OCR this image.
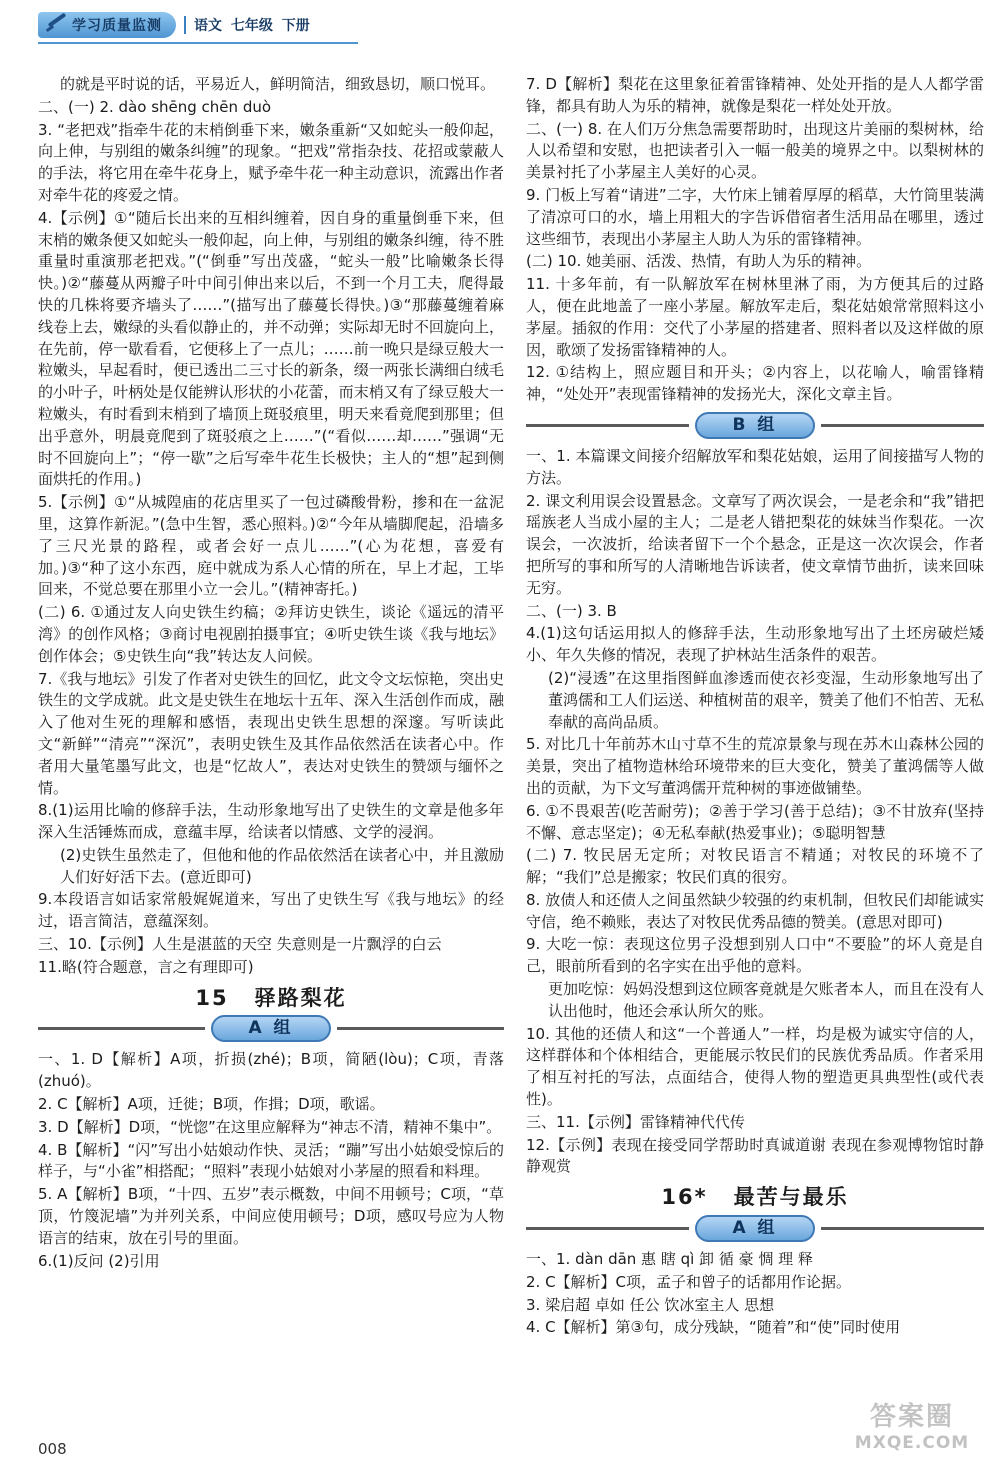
学习质量监测	语文 七年级 下册
的就是平时说的话，平易近人，鲜明简洁，细致恳切，顺口悦耳。
二、(一) 2. dào shēng chēn duò
3. “老把戏”指牵牛花的末梢倒垂下来，嫩条重新“又如蛇头一般仰起，向上伸，与别组的嫩条纠缠”的现象。“把戏”常指杂技、花招或蒙蔽人的手法，将它用在牵牛花身上，赋予牵牛花一种主动意识，流露出作者对牵牛花的疼爱之情。
4.【示例】①“随后长出来的互相纠缠着，因自身的重量倒垂下来，但末梢的嫩条便又如蛇头一般仰起，向上伸，与别组的嫩条纠缠，待不胜重量时重演那老把戏。”(“倒垂”写出茂盛，“蛇头一般”比喻嫩条长得快。)②“藤蔓从两瓣子叶中间引伸出来以后，不到一个月工夫，爬得最快的几株将要齐墙头了……”(描写出了藤蔓长得快。)③“那藤蔓缠着麻线卷上去，嫩绿的头看似静止的，并不动弹；实际却无时不回旋向上，在先前，停一歇看看，它便移上了一点儿；……前一晚只是绿豆般大一粒嫩头，早起看时，便已透出二三寸长的新条，缀一两张长满细白绒毛的小叶子，叶柄处是仅能辨认形状的小花蕾，而末梢又有了绿豆般大一粒嫩头，有时看到末梢到了墙顶上斑驳痕里，明天来看竟爬到那里；但出乎意外，明晨竟爬到了斑驳痕之上……”(“看似……却……”强调“无时不回旋向上”；“停一歇”之后写牵牛花生长极快；主人的“想”起到侧面烘托的作用。)
5.【示例】①“从城隍庙的花店里买了一包过磷酸骨粉，掺和在一盆泥里，这算作新泥。”(急中生智，悉心照料。)②“今年从墙脚爬起，沿墙多了三尺光景的路程，或者会好一点儿……”(心为花想，喜爱有加。)③“种了这小东西，庭中就成为系人心情的所在，早上才起，工毕回来，不觉总要在那里小立一会儿。”(精神寄托。)
(二) 6. ①通过友人向史铁生约稿；②拜访史铁生，谈论《遥远的清平湾》的创作风格；③商讨电视剧拍摄事宜；④听史铁生谈《我与地坛》创作体会；⑤史铁生向“我”转达友人问候。
7.《我与地坛》引发了作者对史铁生的回忆，此文令文坛惊艳，突出史铁生的文学成就。此文是史铁生在地坛十五年、深入生活创作而成，融入了他对生死的理解和感悟，表现出史铁生思想的深邃。写听读此文“新鲜”“清亮”“深沉”，表明史铁生及其作品依然活在读者心中。作者用大量笔墨写此文，也是“忆故人”，表达对史铁生的赞颂与缅怀之情。
8.(1)运用比喻的修辞手法，生动形象地写出了史铁生的文章是他多年深入生活锤炼而成，意蕴丰厚，给读者以情感、文学的浸润。
(2)史铁生虽然走了，但他和他的作品依然活在读者心中，并且激励人们好好活下去。(意近即可)
9.本段语言如话家常般娓娓道来，写出了史铁生写《我与地坛》的经过，语言简洁，意蕴深刻。
三、10.【示例】人生是湛蓝的天空 失意则是一片飘浮的白云
11.略(符合题意，言之有理即可)
15 驿路梨花
A 组
一、1. D【解析】A项，折损(zhé)；B项，简陋(lòu)；C项，青落(zhuó)。
2. C【解析】A项，迁徙；B项，作揖；D项，歌谣。
3. D【解析】D项，“恍惚”在这里应解释为“神志不清，精神不集中”。
4. B【解析】“闪”写出小姑娘动作快、灵活；“蹦”写出小姑娘受惊后的样子，与“小雀”相搭配；“照料”表现小姑娘对小茅屋的照看和料理。
5. A【解析】B项，“十四、五岁”表示概数，中间不用顿号；C项，“草顶，竹篾泥墙”为并列关系，中间应使用顿号；D项，感叹号应为人物语言的结束，放在引号的里面。
6.(1)反问 (2)引用
7. D【解析】梨花在这里象征着雷锋精神、处处开指的是人人都学雷锋，都具有助人为乐的精神，就像是梨花一样处处开放。
二、(一) 8. 在人们万分焦急需要帮助时，出现这片美丽的梨树林，给人以希望和安慰，也把读者引入一幅一般美的境界之中。以梨树林的美景衬托了小茅屋主人美好的心灵。
9. 门板上写着“请进”二字，大竹床上铺着厚厚的稻草，大竹筒里装满了清凉可口的水，墙上用粗大的字告诉借宿者生活用品在哪里，透过这些细节，表现出小茅屋主人助人为乐的雷锋精神。
(二) 10. 她美丽、活泼、热情，有助人为乐的精神。
11. 十多年前，有一队解放军在树林里淋了雨，为方便其后的过路人，便在此地盖了一座小茅屋。解放军走后，梨花姑娘常常照料这小茅屋。插叙的作用：交代了小茅屋的搭建者、照料者以及这样做的原因，歌颂了发扬雷锋精神的人。
12. ①结构上，照应题目和开头；②内容上，以花喻人，喻雷锋精神，“处处开”表现雷锋精神的发扬光大，深化文章主旨。
B 组
一、1. 本篇课文间接介绍解放军和梨花姑娘，运用了间接描写人物的方法。
2. 课文利用误会设置悬念。文章写了两次误会，一是老余和“我”错把瑶族老人当成小屋的主人；二是老人错把梨花的妹妹当作梨花。一次误会，一次波折，给读者留下一个个悬念，正是这一次次误会，作者把所写的事和所写的人清晰地告诉读者，使文章情节曲折，读来回味无穷。
二、(一) 3. B
4.(1)这句话运用拟人的修辞手法，生动形象地写出了土坯房破烂矮小、年久失修的情况，表现了护林站生活条件的艰苦。
(2)“浸透”在这里指图鲜血渗透而使衣衫变湿，生动形象地写出了董鸿儒和工人们运送、种植树苗的艰辛，赞美了他们不怕苦、无私奉献的高尚品质。
5. 对比几十年前苏木山寸草不生的荒凉景象与现在苏木山森林公园的美景，突出了植物造林给环境带来的巨大变化，赞美了董鸿儒等人做出的贡献，为下文写董鸿儒开荒种树的事迹做铺垫。
6. ①不畏艰苦(吃苦耐劳)；②善于学习(善于总结)；③不甘放弃(坚持不懈、意志坚定)；④无私奉献(热爱事业)；⑤聪明智慧
(二) 7. 牧民居无定所；对牧民语言不精通；对牧民的环境不了解；“我们”总是搬家；牧民们真的很穷。
8. 放债人和还债人之间虽然缺少较强的约束机制，但牧民们却能诚实守信，绝不赖账，表达了对牧民优秀品德的赞美。(意思对即可)
9. 大吃一惊：表现这位男子没想到别人口中“不要脸”的坏人竟是自己，眼前所看到的名字实在出乎他的意料。
更加吃惊：妈妈没想到这位顾客竟就是欠账者本人，而且在没有人认出他时，他还会承认所欠的账。
10. 其他的还债人和这“一个普通人”一样，均是极为诚实守信的人，这样群体和个体相结合，更能展示牧民们的民族优秀品质。作者采用了相互衬托的写法，点面结合，使得人物的塑造更具典型性(或代表性)。
三、11.【示例】雷锋精神代代传
12.【示例】表现在接受同学帮助时真诚道谢 表现在参观博物馆时静静观赏
16* 最苦与最乐
A 组
一、1. dàn dān 惠 瞎 qì 卸 循 豪 惆 理 释
2. C【解析】C项，孟子和曾子的话都用作论据。
3. 梁启超 卓如 任公 饮冰室主人 思想
4. C【解析】第③句，成分残缺，“随着”和“使”同时使用
008
答案圈
MXQE.COM
